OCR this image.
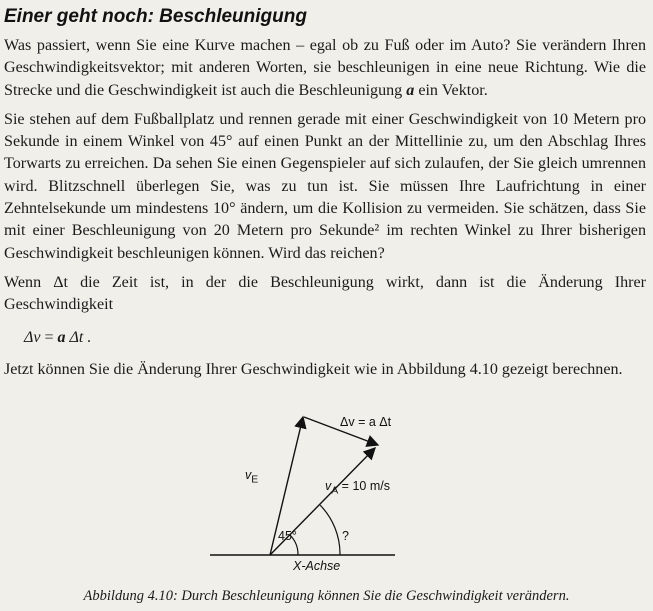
Einer geht noch: Beschleunigung

Was passiert, wenn Sie eine Kurve machen – egal ob zu Fuß oder im Auto? Sie verändern Ihren Geschwindigkeitsvektor; mit anderen Worten, sie beschleunigen in eine neue Richtung. Wie die Strecke und die Geschwindigkeit ist auch die Beschleunigung a ein Vektor.

Sie stehen auf dem Fußballplatz und rennen gerade mit einer Geschwindigkeit von 10 Metern pro Sekunde in einem Winkel von 45° auf einen Punkt an der Mittellinie zu, um den Abschlag Ihres Torwarts zu erreichen. Da sehen Sie einen Gegenspieler auf sich zulaufen, der Sie gleich umrennen wird. Blitzschnell überlegen Sie, was zu tun ist. Sie müssen Ihre Laufrichtung in einer Zehntelsekunde um mindestens 10° ändern, um die Kollision zu vermeiden. Sie schätzen, dass Sie mit einer Beschleunigung von 20 Metern pro Sekunde² im rechten Winkel zu Ihrer bisherigen Geschwindigkeit beschleunigen können. Wird das reichen?

Wenn Δt die Zeit ist, in der die Beschleunigung wirkt, dann ist die Änderung Ihrer Geschwindigkeit

Δv = a Δt .

Jetzt können Sie die Änderung Ihrer Geschwindigkeit wie in Abbildung 4.10 gezeigt berechnen.

Δv = a Δt
$v_E$	$v_A = 10$ m/s
45°	?
X-Achse
Abbildung 4.10: Durch Beschleunigung können Sie die Geschwindigkeit verändern.
